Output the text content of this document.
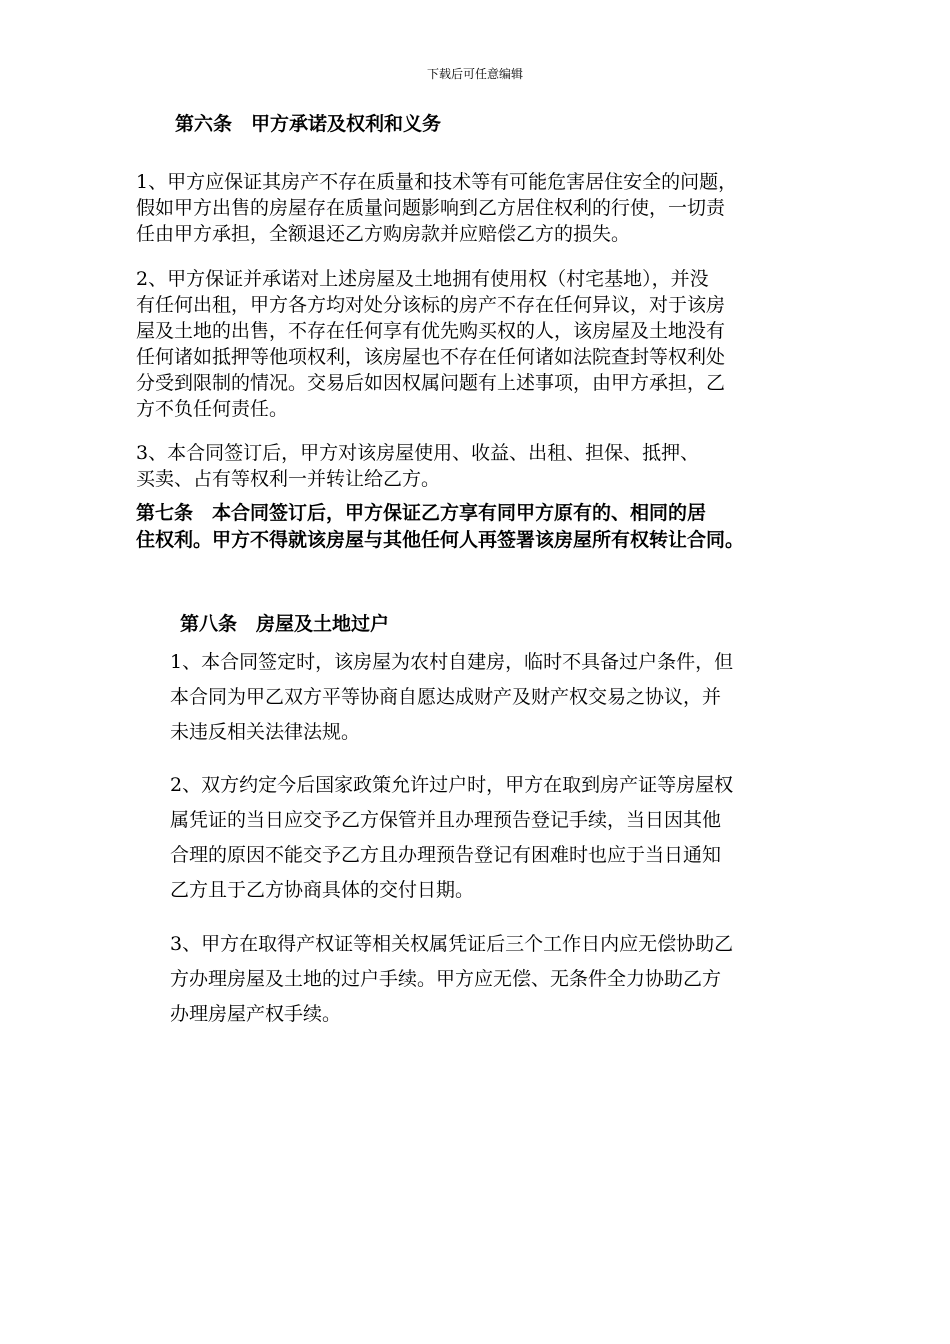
下载后可任意编辑
第六条　甲方承诺及权利和义务
1、甲方应保证其房产不存在质量和技术等有可能危害居住安全的问题，
假如甲方出售的房屋存在质量问题影响到乙方居住权利的行使，一切责
任由甲方承担，全额退还乙方购房款并应赔偿乙方的损失。
2、甲方保证并承诺对上述房屋及土地拥有使用权（村宅基地），并没
有任何出租，甲方各方均对处分该标的房产不存在任何异议，对于该房
屋及土地的出售，不存在任何享有优先购买权的人，该房屋及土地没有
任何诸如抵押等他项权利，该房屋也不存在任何诸如法院查封等权利处
分受到限制的情况。交易后如因权属问题有上述事项，由甲方承担，乙
方不负任何责任。
3、本合同签订后，甲方对该房屋使用、收益、出租、担保、抵押、
买卖、占有等权利一并转让给乙方。
第七条　本合同签订后，甲方保证乙方享有同甲方原有的、相同的居
住权利。甲方不得就该房屋与其他任何人再签署该房屋所有权转让合同。
第八条　房屋及土地过户
1、本合同签定时，该房屋为农村自建房，临时不具备过户条件，但
本合同为甲乙双方平等协商自愿达成财产及财产权交易之协议，并
未违反相关法律法规。
2、双方约定今后国家政策允许过户时，甲方在取到房产证等房屋权
属凭证的当日应交予乙方保管并且办理预告登记手续，当日因其他
合理的原因不能交予乙方且办理预告登记有困难时也应于当日通知
乙方且于乙方协商具体的交付日期。
3、甲方在取得产权证等相关权属凭证后三个工作日内应无偿协助乙
方办理房屋及土地的过户手续。甲方应无偿、无条件全力协助乙方
办理房屋产权手续。
